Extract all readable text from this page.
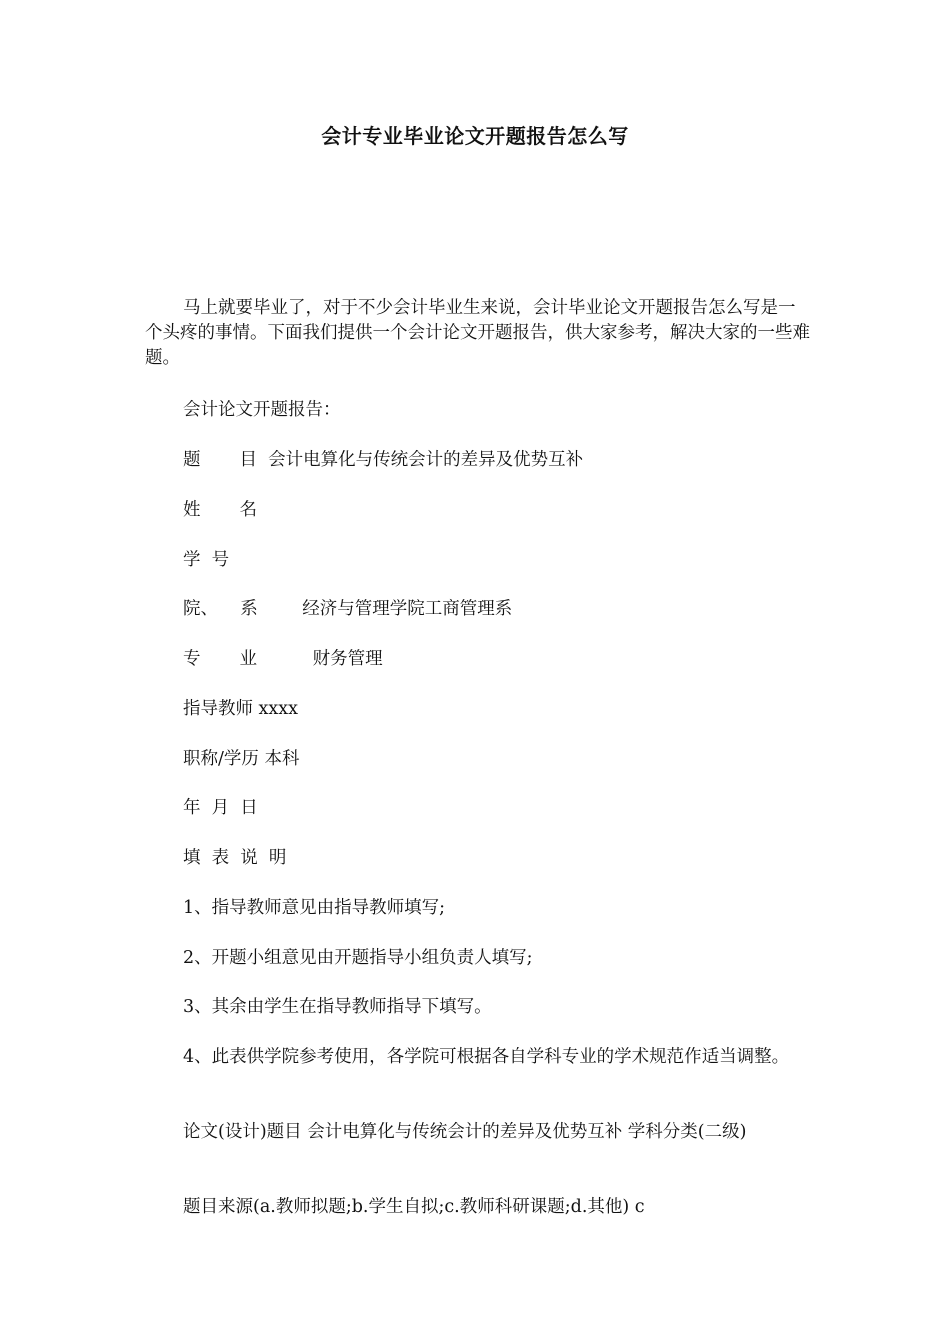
会计专业毕业论文开题报告怎么写

马上就要毕业了，对于不少会计毕业生来说，会计毕业论文开题报告怎么写是一个头疼的事情。下面我们提供一个会计论文开题报告，供大家参考，解决大家的一些难题。

会计论文开题报告：

题       目  会计电算化与传统会计的差异及优势互补

姓       名

学  号

院、    系        经济与管理学院工商管理系

专       业          财务管理

指导教师 xxxx

职称/学历 本科

年  月  日

填  表  说  明

1、指导教师意见由指导教师填写;

2、开题小组意见由开题指导小组负责人填写;

3、其余由学生在指导教师指导下填写。

4、此表供学院参考使用，各学院可根据各自学科专业的学术规范作适当调整。

论文(设计)题目 会计电算化与传统会计的差异及优势互补 学科分类(二级)

题目来源(a.教师拟题;b.学生自拟;c.教师科研课题;d.其他) c
